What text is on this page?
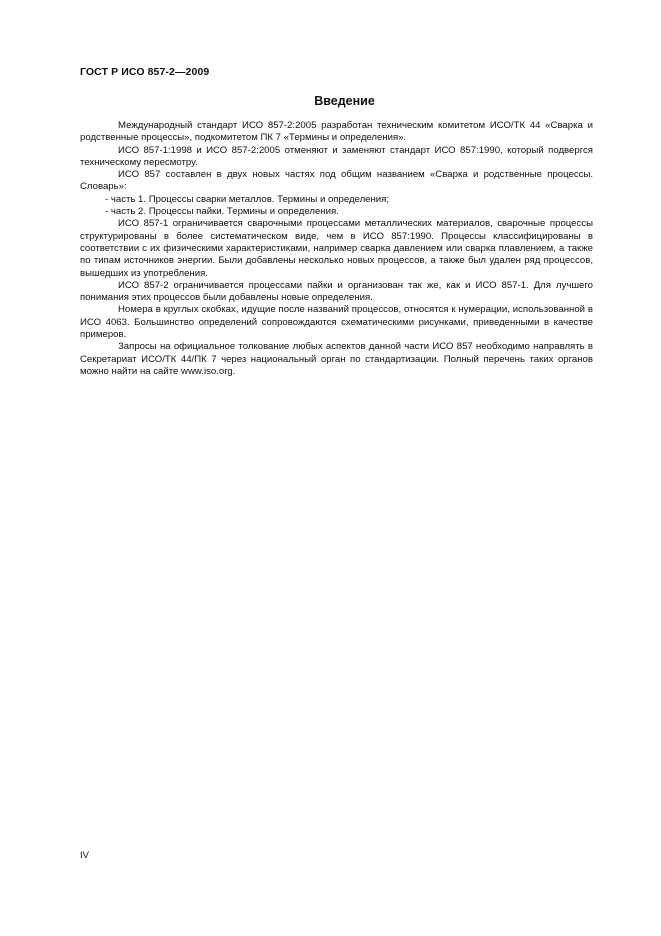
ГОСТ Р ИСО 857-2—2009
Введение

Международный стандарт ИСО 857-2:2005 разработан техническим комитетом ИСО/ТК 44 «Сварка и родственные процессы», подкомитетом ПК 7 «Термины и определения».

ИСО 857-1:1998 и ИСО 857-2:2005 отменяют и заменяют стандарт ИСО 857:1990, который подвергся техническому пересмотру.

ИСО 857 составлен в двух новых частях под общим названием «Сварка и родственные процессы. Словарь»:

- часть 1. Процессы сварки металлов. Термины и определения;

- часть 2. Процессы пайки. Термины и определения.

ИСО 857-1 ограничивается сварочными процессами металлических материалов, сварочные процессы структурированы в более систематическом виде, чем в ИСО 857:1990. Процессы классифицированы в соответствии с их физическими характеристиками, например сварка давлением или сварка плавлением, а также по типам источников энергии. Были добавлены несколько новых процессов, а также был удален ряд процессов, вышедших из употребления.

ИСО 857-2 ограничивается процессами пайки и организован так же, как и ИСО 857-1. Для лучшего понимания этих процессов были добавлены новые определения.

Номера в круглых скобках, идущие после названий процессов, относятся к нумерации, использованной в ИСО 4063. Большинство определений сопровождаются схематическими рисунками, приведенными в качестве примеров.

Запросы на официальное толкование любых аспектов данной части ИСО 857 необходимо направлять в Секретариат ИСО/ТК 44/ПК 7 через национальный орган по стандартизации. Полный перечень таких органов можно найти на сайте www.iso.org.

IV
